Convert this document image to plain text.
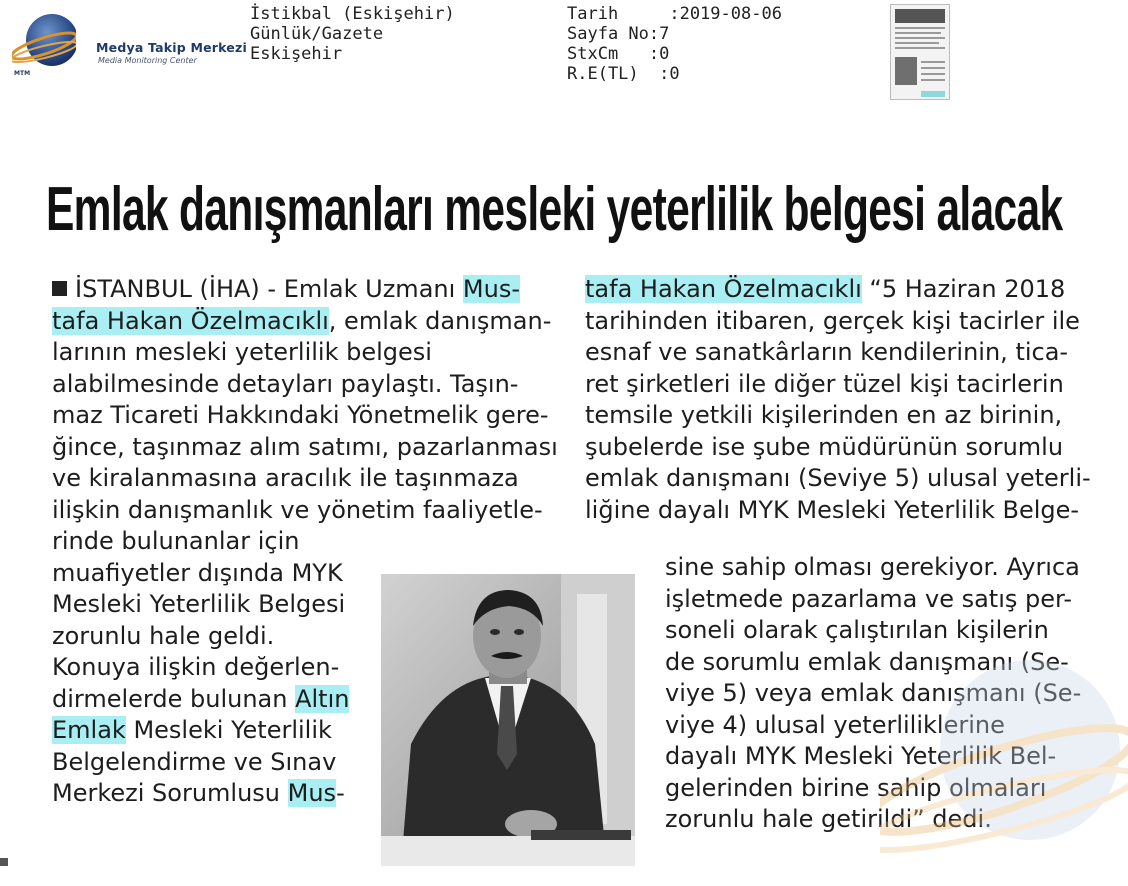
Medya Takip Merkezi
Media Monitoring Center
MTM
İstikbal (Eskişehir)
Günlük/Gazete
Eskişehir
Tarih     :2019-08-06
Sayfa No:7
StxCm   :0
R.E(TL)  :0
Emlak danışmanları mesleki yeterlilik belgesi alacak
İSTANBUL (İHA) - Emlak Uzmanı Mus-
tafa Hakan Özelmacıklı, emlak danışman-
larının mesleki yeterlilik belgesi
alabilmesinde detayları paylaştı. Taşın-
maz Ticareti Hakkındaki Yönetmelik gere-
ğince, taşınmaz alım satımı, pazarlanması
ve kiralanmasına aracılık ile taşınmaza
ilişkin danışmanlık ve yönetim faaliyetle-
rinde bulunanlar için
muafiyetler dışında MYK
Mesleki Yeterlilik Belgesi
zorunlu hale geldi.
Konuya ilişkin değerlen-
dirmelerde bulunan Altın
Emlak Mesleki Yeterlilik
Belgelendirme ve Sınav
Merkezi Sorumlusu Mus-
tafa Hakan Özelmacıklı “5 Haziran 2018
tarihinden itibaren, gerçek kişi tacirler ile
esnaf ve sanatkârların kendilerinin, tica-
ret şirketleri ile diğer tüzel kişi tacirlerin
temsile yetkili kişilerinden en az birinin,
şubelerde ise şube müdürünün sorumlu
emlak danışmanı (Seviye 5) ulusal yeterli-
liğine dayalı MYK Mesleki Yeterlilik Belge-
sine sahip olması gerekiyor. Ayrıca
işletmede pazarlama ve satış per-
soneli olarak çalıştırılan kişilerin
de sorumlu emlak danışmanı (Se-
viye 5) veya emlak danışmanı (Se-
viye 4) ulusal yeterliliklerine
dayalı MYK Mesleki Yeterlilik Bel-
gelerinden birine sahip olmaları
zorunlu hale getirildi” dedi.
